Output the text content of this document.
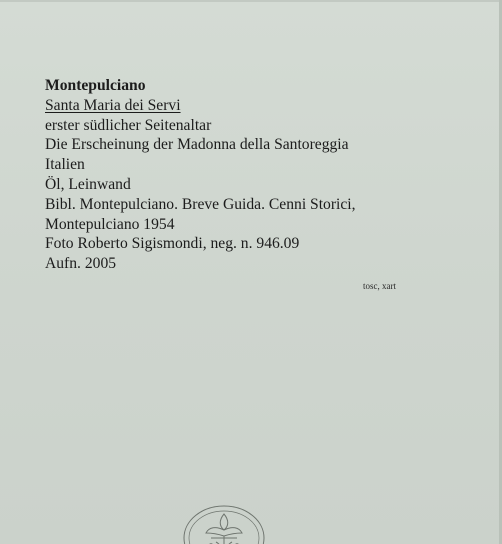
Montepulciano
Santa Maria dei Servi
erster südlicher Seitenaltar
Die Erscheinung der Madonna della Santoreggia
Italien
Öl, Leinwand
Bibl. Montepulciano. Breve Guida. Cenni Storici,
Montepulciano 1954
Foto Roberto Sigismondi, neg. n. 946.09
Aufn. 2005
tosc, xart
